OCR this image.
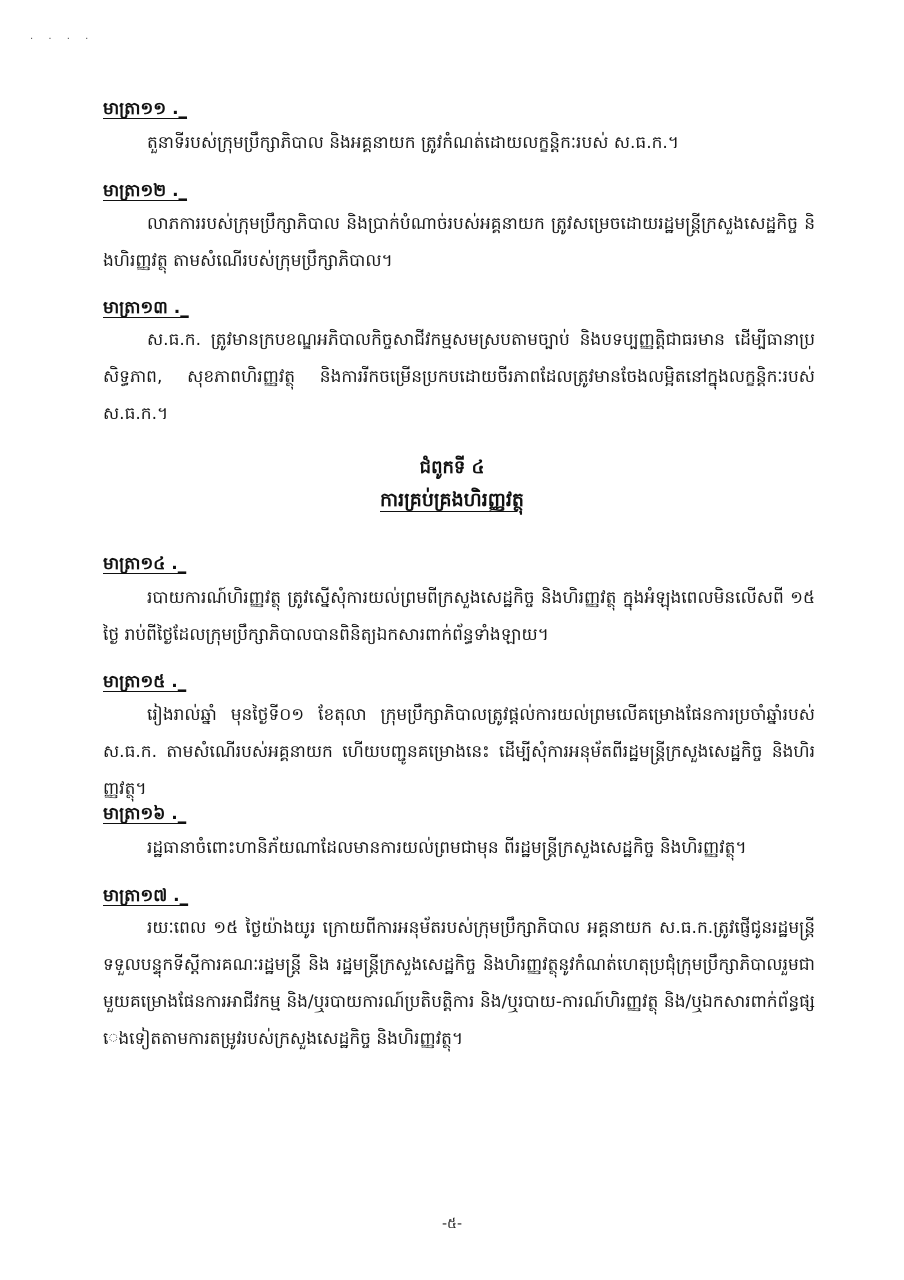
· · · ·
មាត្រា១១ ._
តួនាទីរបស់ក្រុមប្រឹក្សាភិបាល និងអគ្គនាយក ត្រូវកំណត់ដោយលក្ខន្តិកៈរបស់ ស.ធ.ក.។
មាត្រា១២ ._
លាភការរបស់ក្រុមប្រឹក្សាភិបាល និងប្រាក់បំណាច់របស់អគ្គនាយក ត្រូវសម្រេចដោយរដ្ឋមន្ត្រីក្រសួងសេដ្ឋកិច្ច និងហិរញ្ញវត្ថុ តាមសំណើរបស់ក្រុមប្រឹក្សាភិបាល។
មាត្រា១៣ ._
ស.ធ.ក. ត្រូវមានក្របខណ្ឌអភិបាលកិច្ចសាជីវកម្មសមស្របតាមច្បាប់ និងបទប្បញ្ញត្តិជាធរមាន ដើម្បីធានាប្រសិទ្ធភាព, សុខភាពហិរញ្ញវត្ថុ និងការរីកចម្រើនប្រកបដោយចីរភាពដែលត្រូវមានចែងលម្អិតនៅក្នុងលក្ខន្តិកៈរបស់ ស.ធ.ក.។
ជំពូកទី ៤
ការគ្រប់គ្រងហិរញ្ញវត្ថុ
មាត្រា១៤ ._
របាយការណ៍ហិរញ្ញវត្ថុ ត្រូវស្នើសុំការយល់ព្រមពីក្រសួងសេដ្ឋកិច្ច និងហិរញ្ញវត្ថុ ក្នុងអំឡុងពេលមិនលើសពី ១៥ថ្ងៃ រាប់ពីថ្ងៃដែលក្រុមប្រឹក្សាភិបាលបានពិនិត្យឯកសារពាក់ព័ន្ធទាំងឡាយ។
មាត្រា១៥ ._
រៀងរាល់ឆ្នាំ មុនថ្ងៃទី០១ ខែតុលា ក្រុមប្រឹក្សាភិបាលត្រូវផ្តល់ការយល់ព្រមលើគម្រោងផែនការប្រចាំឆ្នាំរបស់ ស.ធ.ក. តាមសំណើរបស់អគ្គនាយក ហើយបញ្ជូនគម្រោងនេះ ដើម្បីសុំការអនុម័តពីរដ្ឋមន្ត្រីក្រសួងសេដ្ឋកិច្ច និងហិរញ្ញវត្ថុ។
មាត្រា១៦ ._
រដ្ឋធានាចំពោះហានិភ័យណាដែលមានការយល់ព្រមជាមុន ពីរដ្ឋមន្ត្រីក្រសួងសេដ្ឋកិច្ច និងហិរញ្ញវត្ថុ។
មាត្រា១៧ ._
រយៈពេល ១៥ ថ្ងៃយ៉ាងយូរ ក្រោយពីការអនុម័តរបស់ក្រុមប្រឹក្សាភិបាល អគ្គនាយក ស.ធ.ក.ត្រូវផ្ញើជូនរដ្ឋមន្ត្រីទទួលបន្ទុកទីស្តីការគណៈរដ្ឋមន្ត្រី និង រដ្ឋមន្ត្រីក្រសួងសេដ្ឋកិច្ច និងហិរញ្ញវត្ថុនូវកំណត់ហេតុប្រជុំក្រុមប្រឹក្សាភិបាលរួមជាមួយគម្រោងផែនការអាជីវកម្ម និង/ឬរបាយការណ៍ប្រតិបត្តិការ និង/ឬរបាយ-ការណ៍ហិរញ្ញវត្ថុ និង/ឬឯកសារពាក់ព័ន្ធផ្សេងទៀតតាមការតម្រូវរបស់ក្រសួងសេដ្ឋកិច្ច និងហិរញ្ញវត្ថុ។
-៥-
